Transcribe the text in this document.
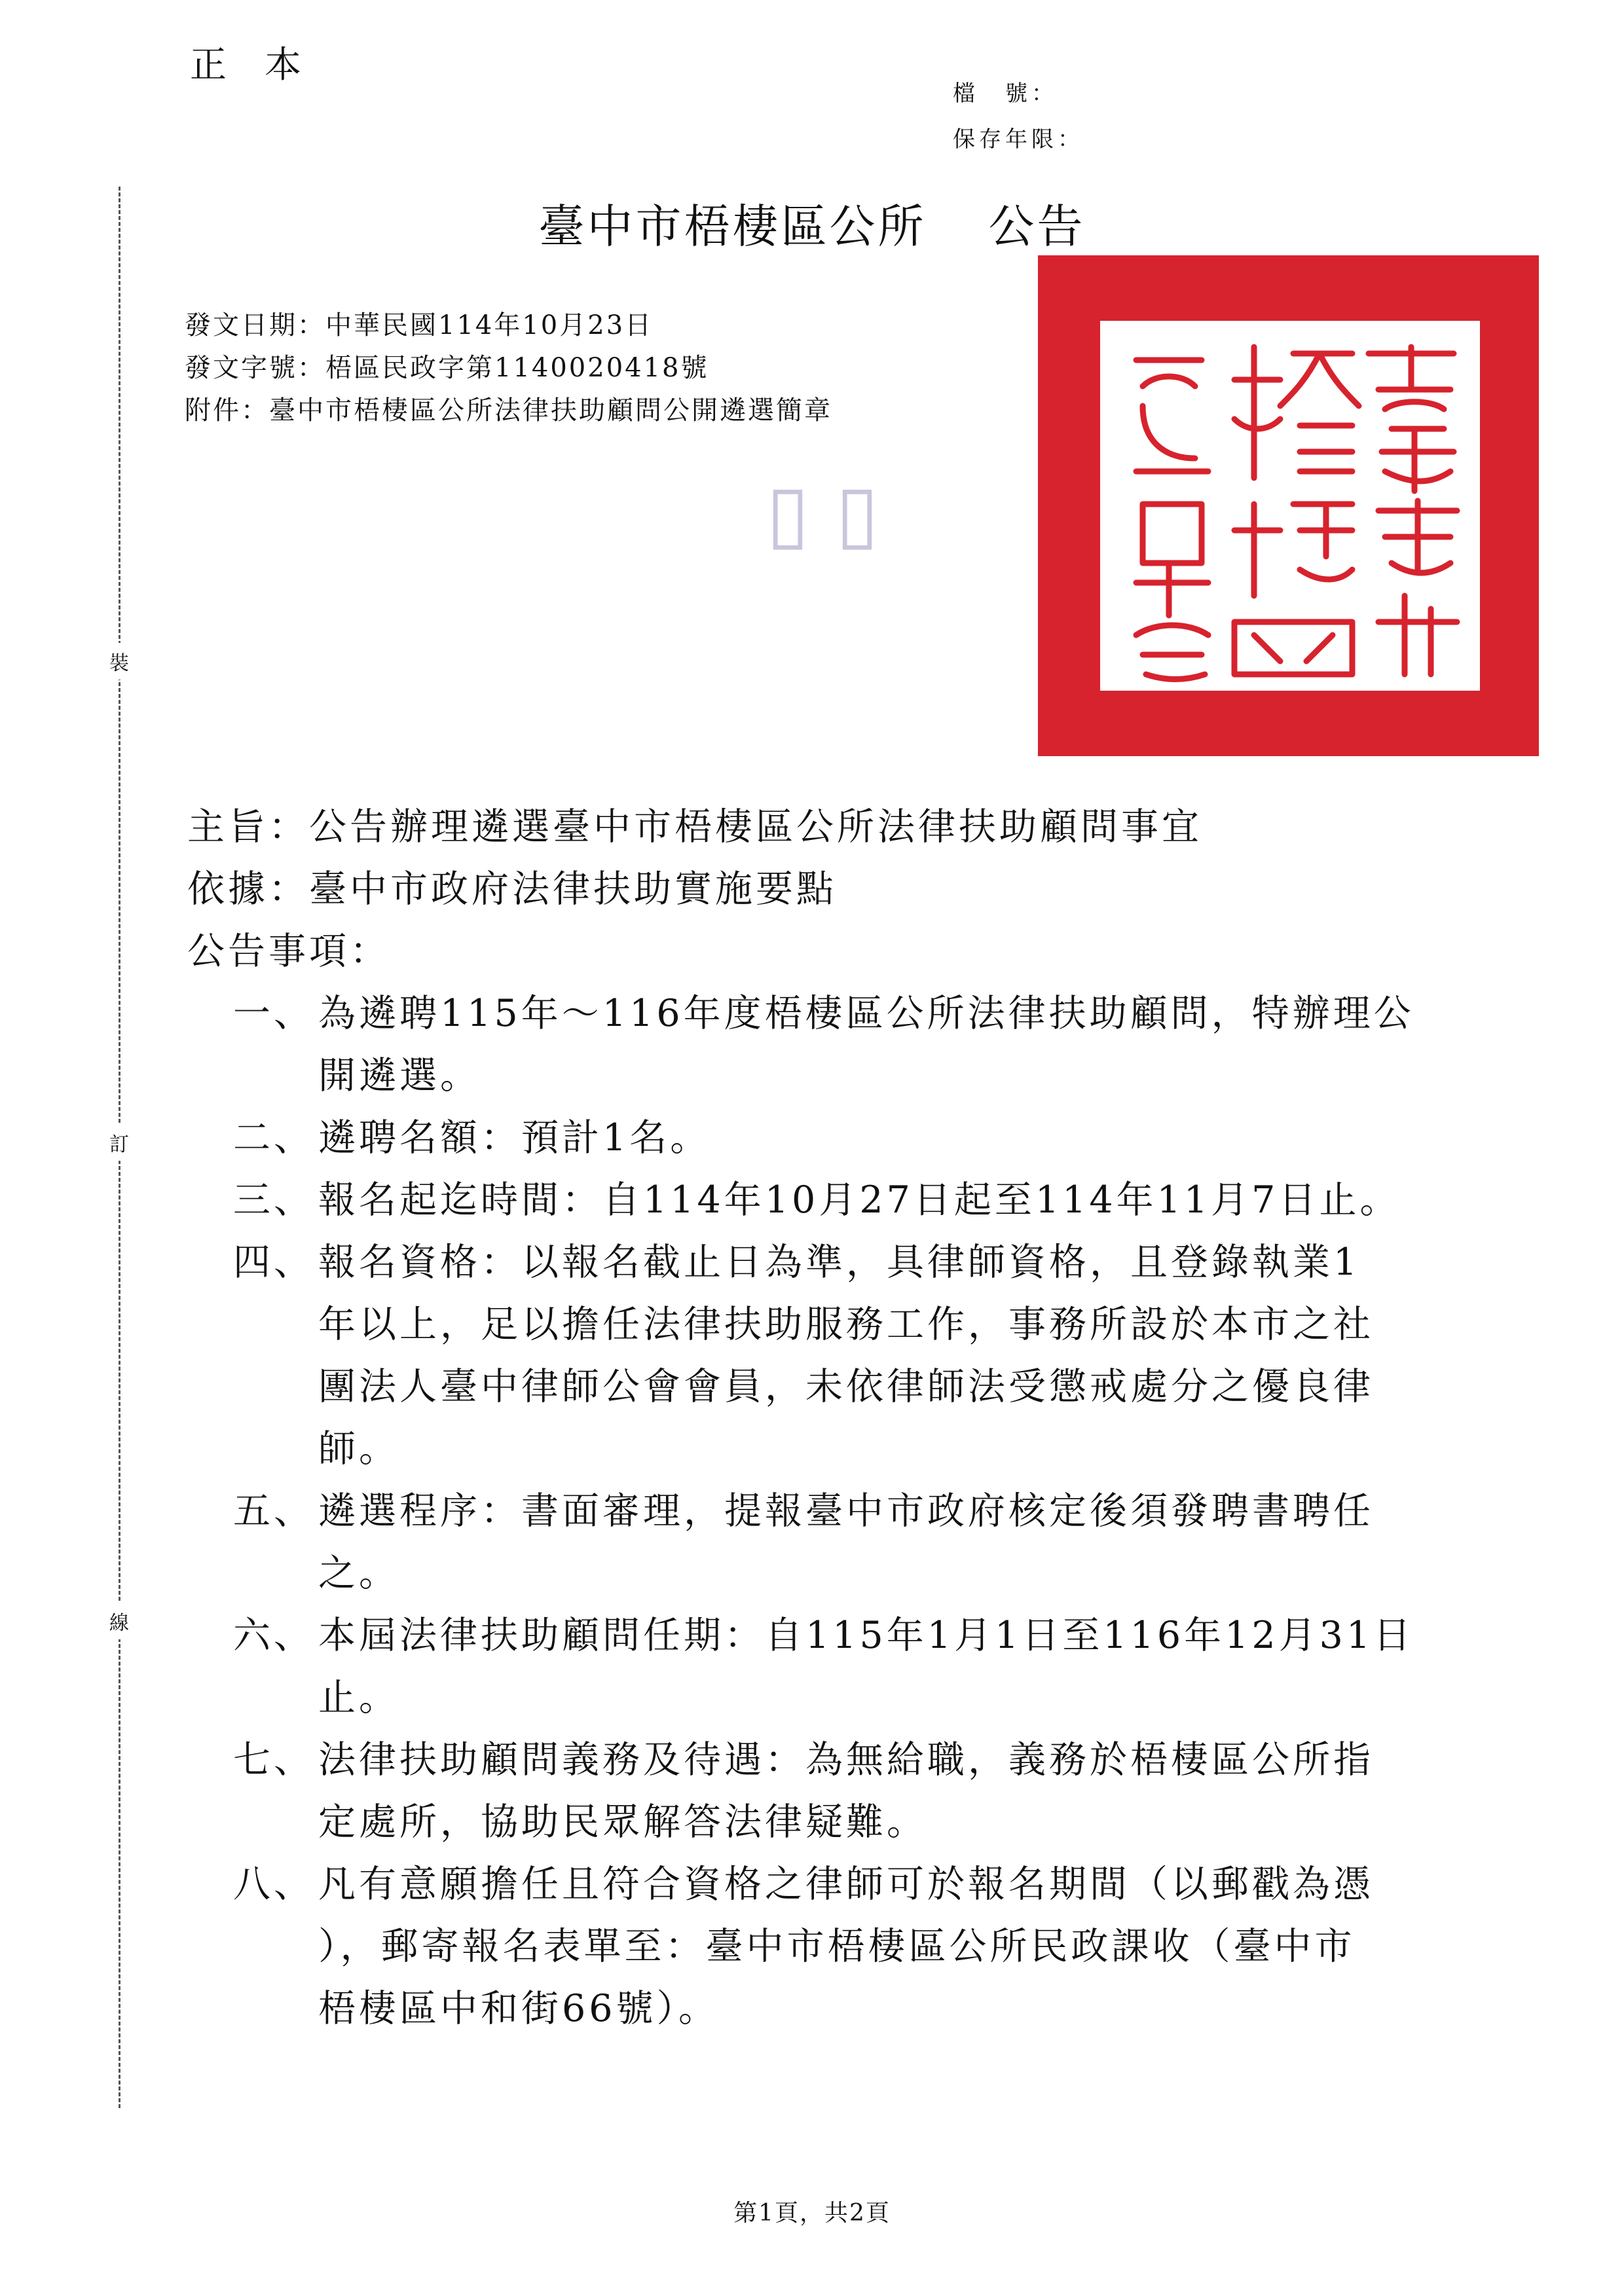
正本
檔　號：
保存年限：
裝
訂
線
臺中市梧棲區公所 公告
發文日期：中華民國114年10月23日
發文字號：梧區民政字第1140020418號
附件：臺中市梧棲區公所法律扶助顧問公開遴選簡章
▯▯
主旨：公告辦理遴選臺中市梧棲區公所法律扶助顧問事宜
依據：臺中市政府法律扶助實施要點
公告事項：
一、 為遴聘115年～116年度梧棲區公所法律扶助顧問，特辦理公
開遴選。
二、 遴聘名額：預計1名。
三、 報名起迄時間：自114年10月27日起至114年11月7日止。
四、 報名資格：以報名截止日為準，具律師資格，且登錄執業1
年以上，足以擔任法律扶助服務工作，事務所設於本市之社
團法人臺中律師公會會員，未依律師法受懲戒處分之優良律
師。
五、 遴選程序：書面審理，提報臺中市政府核定後須發聘書聘任
之。
六、 本屆法律扶助顧問任期：自115年1月1日至116年12月31日
止。
七、 法律扶助顧問義務及待遇：為無給職，義務於梧棲區公所指
定處所，協助民眾解答法律疑難。
八、 凡有意願擔任且符合資格之律師可於報名期間（以郵戳為憑
），郵寄報名表單至：臺中市梧棲區公所民政課收（臺中市
梧棲區中和街66號）。
第1頁，共2頁
